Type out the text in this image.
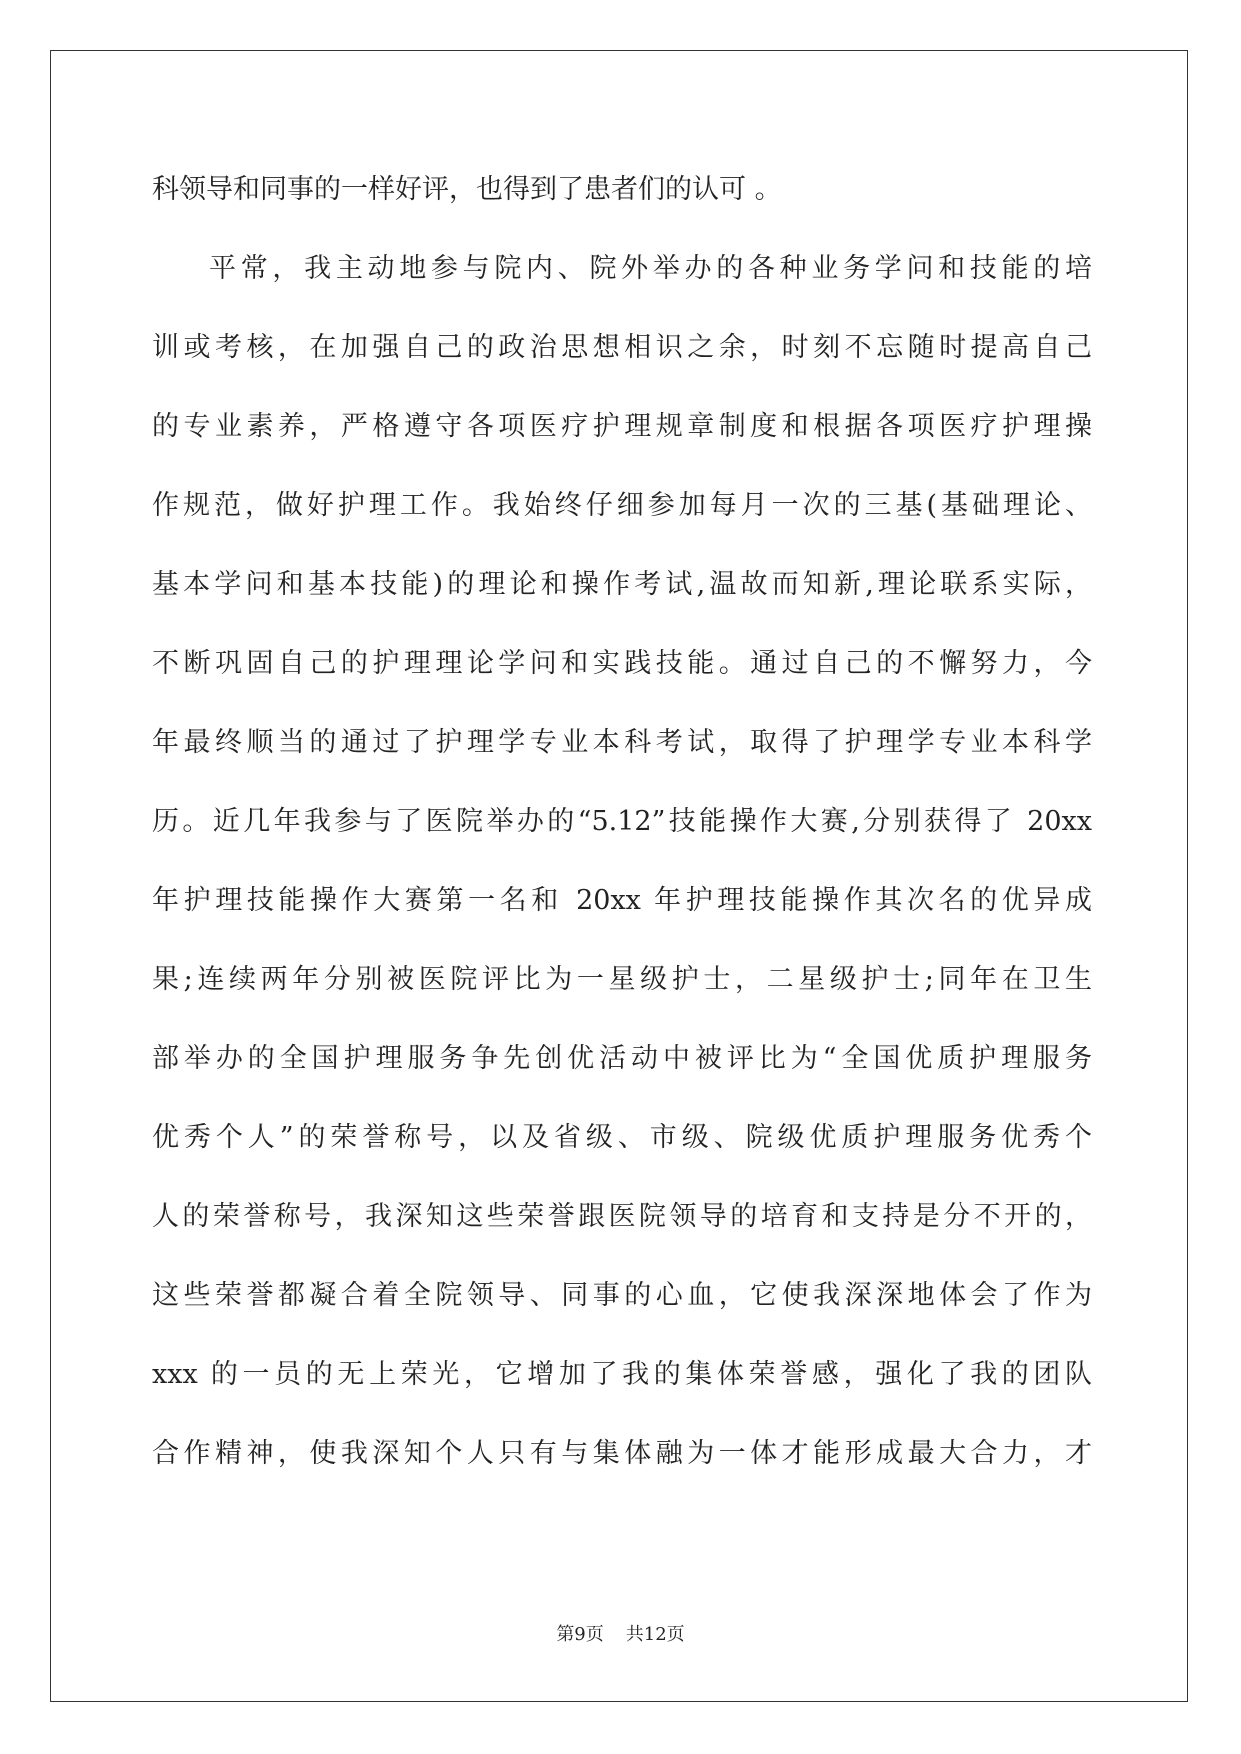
科领导和同事的一样好评，也得到了患者们的认可 。
平常，我主动地参与院内、院外举办的各种业务学问和技能的培
训或考核，在加强自己的政治思想相识之余，时刻不忘随时提高自己
的专业素养，严格遵守各项医疗护理规章制度和根据各项医疗护理操
作规范，做好护理工作。我始终仔细参加每月一次的三基(基础理论、
基本学问和基本技能)的理论和操作考试,温故而知新,理论联系实际，
不断巩固自己的护理理论学问和实践技能。通过自己的不懈努力，今
年最终顺当的通过了护理学专业本科考试，取得了护理学专业本科学
历。近几年我参与了医院举办的“5.12”技能操作大赛,分别获得了 20xx
年护理技能操作大赛第一名和 20xx 年护理技能操作其次名的优异成
果;连续两年分别被医院评比为一星级护士，二星级护士;同年在卫生
部举办的全国护理服务争先创优活动中被评比为“全国优质护理服务
优秀个人”的荣誉称号，以及省级、市级、院级优质护理服务优秀个
人的荣誉称号，我深知这些荣誉跟医院领导的培育和支持是分不开的，
这些荣誉都凝合着全院领导、同事的心血，它使我深深地体会了作为
xxx 的一员的无上荣光，它增加了我的集体荣誉感，强化了我的团队
合作精神，使我深知个人只有与集体融为一体才能形成最大合力，才
第9页 共12页
